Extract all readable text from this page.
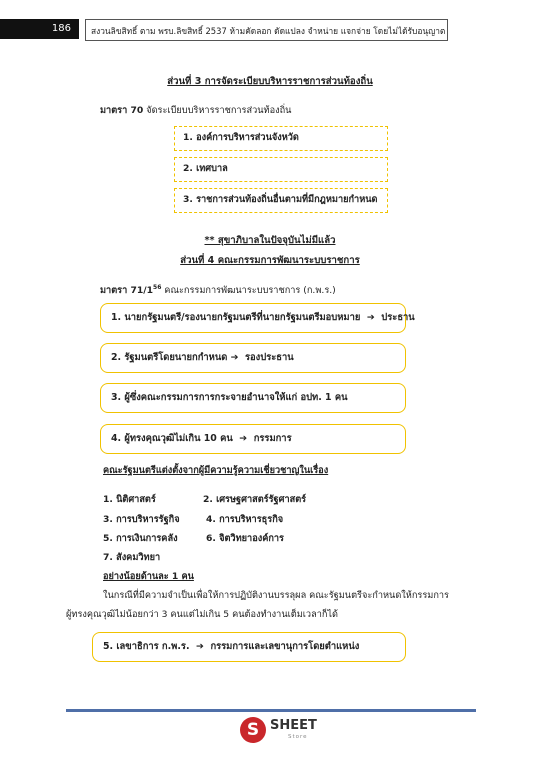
186	สงวนลิขสิทธิ์ ตาม พรบ.ลิขสิทธิ์ 2537 ห้ามคัดลอก ดัดแปลง จำหน่าย แจกจ่าย โดยไม่ได้รับอนุญาต
ส่วนที่ 3 การจัดระเบียบบริหารราชการส่วนท้องถิ่น
มาตรา 70 จัดระเบียบบริหารราชการส่วนท้องถิ่น
1. องค์การบริหารส่วนจังหวัด
2. เทศบาล
3. ราชการส่วนท้องถิ่นอื่นตามที่มีกฎหมายกำหนด
** สุขาภิบาลในปัจจุบันไม่มีแล้ว
ส่วนที่ 4 คณะกรรมการพัฒนาระบบราชการ
มาตรา $71/1^{56}$ คณะกรรมการพัฒนาระบบราชการ (ก.พ.ร.)
1. นายกรัฐมนตรี/รองนายกรัฐมนตรีที่นายกรัฐมนตรีมอบหมาย  ➔  ประธาน
2. รัฐมนตรีโดยนายกกำหนด ➔  รองประธาน
3. ผู้ซึ่งคณะกรรมการการกระจายอำนาจให้แก่ อปท. 1 คน
4. ผู้ทรงคุณวุฒิไม่เกิน 10 คน  ➔  กรรมการ
คณะรัฐมนตรีแต่งตั้งจากผู้มีความรู้ความเชี่ยวชาญในเรื่อง
1. นิติศาสตร์
3. การบริหารรัฐกิจ
5. การเงินการคลัง
7. สังคมวิทยา
2. เศรษฐศาสตร์รัฐศาสตร์
4. การบริหารธุรกิจ
6. จิตวิทยาองค์การ
อย่างน้อยด้านละ 1 คน
ในกรณีที่มีความจำเป็นเพื่อให้การปฏิบัติงานบรรลุผล คณะรัฐมนตรีจะกำหนดให้กรรมการ
ผู้ทรงคุณวุฒิไม่น้อยกว่า 3 คนแต่ไม่เกิน 5 คนต้องทำงานเต็มเวลาก็ได้
5. เลขาธิการ ก.พ.ร.  ➔  กรรมการและเลขานุการโดยตำแหน่ง
S SHEET
Store
